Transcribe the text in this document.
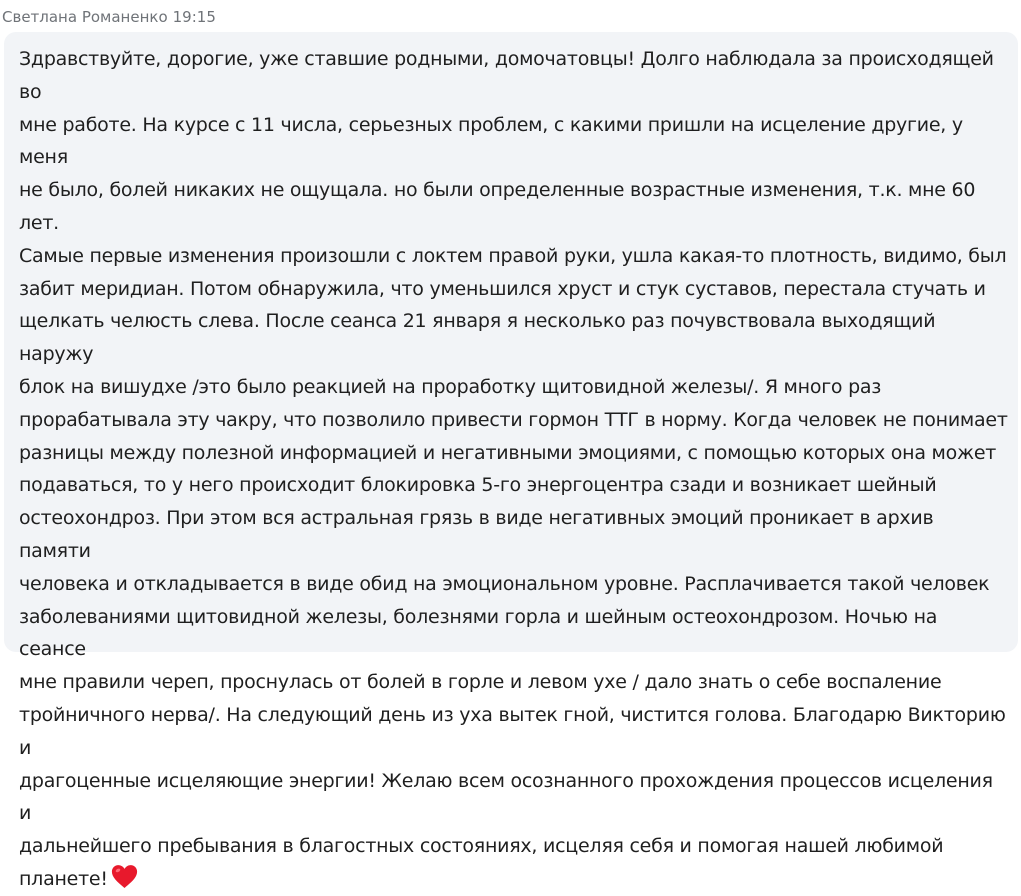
Светлана Романенко 19:15

Здравствуйте, дорогие, уже ставшие родными, домочатовцы! Долго наблюдала за происходящей во
мне работе. На курсе с 11 числа, серьезных проблем, с какими пришли на исцеление другие, у меня
не было, болей никаких не ощущала. но были определенные возрастные изменения, т.к. мне 60 лет.
Самые первые изменения произошли с локтем правой руки, ушла какая-то плотность, видимо, был
забит меридиан. Потом обнаружила, что уменьшился хруст и стук суставов, перестала стучать и
щелкать челюсть слева. После сеанса 21 января я несколько раз почувствовала выходящий наружу
блок на вишудхе /это было реакцией на проработку щитовидной железы/. Я много раз
прорабатывала эту чакру, что позволило привести гормон ТТГ в норму. Когда человек не понимает
разницы между полезной информацией и негативными эмоциями, с помощью которых она может
подаваться, то у него происходит блокировка 5-го энергоцентра сзади и возникает шейный
остеохондроз. При этом вся астральная грязь в виде негативных эмоций проникает в архив памяти
человека и откладывается в виде обид на эмоциональном уровне. Расплачивается такой человек
заболеваниями щитовидной железы, болезнями горла и шейным остеохондрозом. Ночью на сеансе
мне правили череп, проснулась от болей в горле и левом ухе / дало знать о себе воспаление
тройничного нерва/. На следующий день из уха вытек гной, чистится голова. Благодарю Викторию и
драгоценные исцеляющие энергии! Желаю всем осознанного прохождения процессов исцеления и
дальнейшего пребывания в благостных состояниях, исцеляя себя и помогая нашей любимой
планете!
